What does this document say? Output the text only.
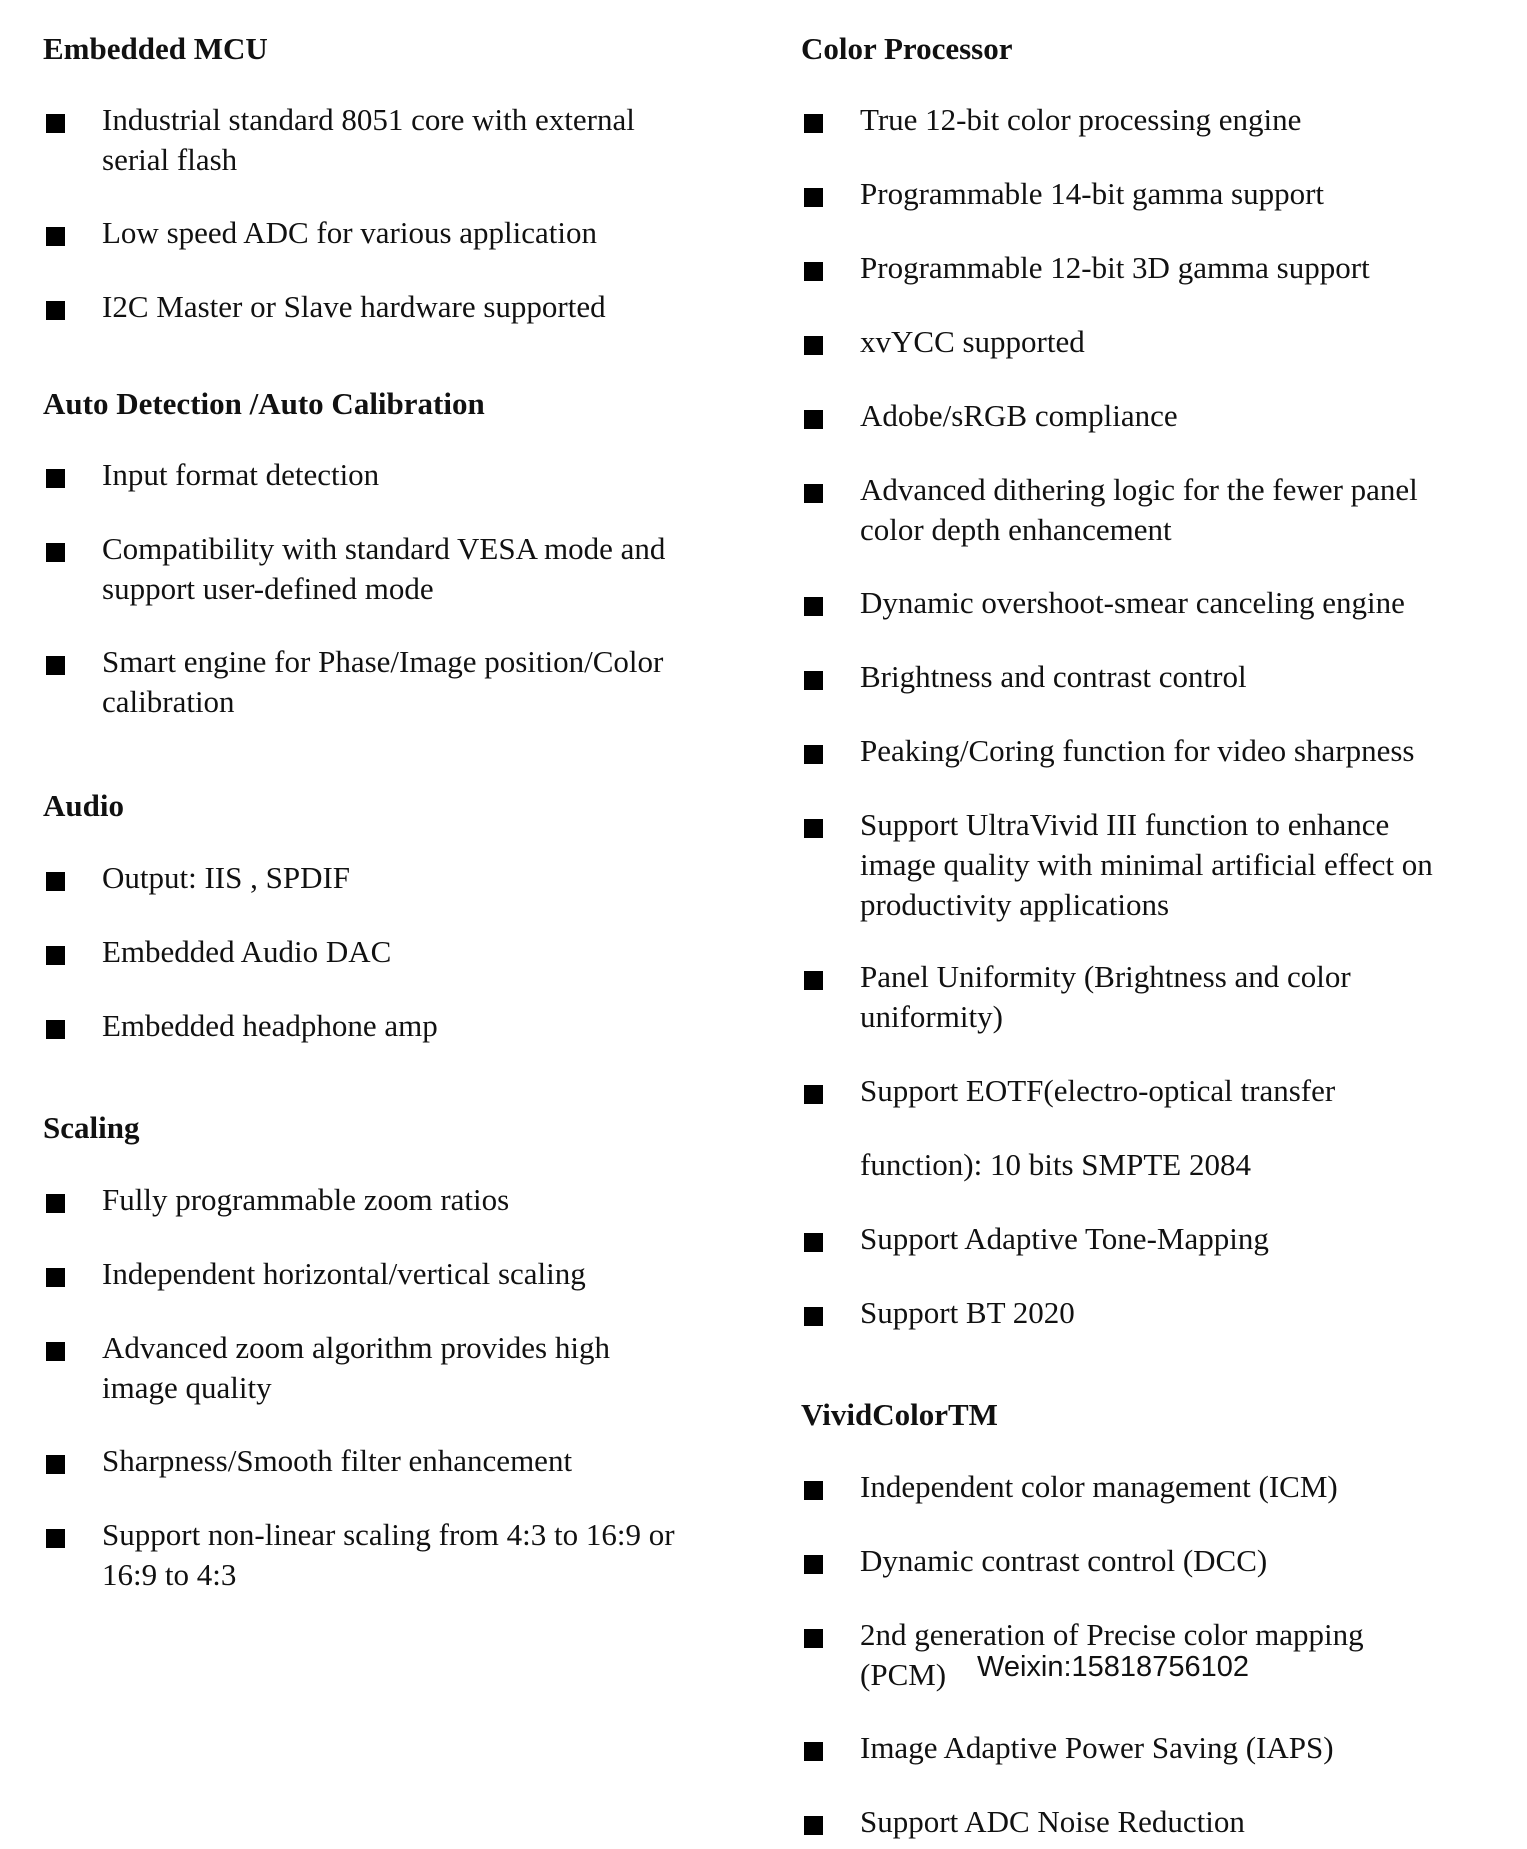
Embedded MCU
Industrial standard 8051 core with external
serial flash
Low speed ADC for various application
I2C Master or Slave hardware supported
Auto Detection /Auto Calibration
Input format detection
Compatibility with standard VESA mode and
support user-defined mode
Smart engine for Phase/Image position/Color
calibration
Audio
Output: IIS , SPDIF
Embedded Audio DAC
Embedded headphone amp
Scaling
Fully programmable zoom ratios
Independent horizontal/vertical scaling
Advanced zoom algorithm provides high
image quality
Sharpness/Smooth filter enhancement
Support non-linear scaling from 4:3 to 16:9 or
16:9 to 4:3
Color Processor
True 12-bit color processing engine
Programmable 14-bit gamma support
Programmable 12-bit 3D gamma support
xvYCC supported
Adobe/sRGB compliance
Advanced dithering logic for the fewer panel
color depth enhancement
Dynamic overshoot-smear canceling engine
Brightness and contrast control
Peaking/Coring function for video sharpness
Support UltraVivid III function to enhance
image quality with minimal artificial effect on
productivity applications
Panel Uniformity (Brightness and color
uniformity)
Support EOTF(electro-optical transfer
function): 10 bits SMPTE 2084
Support Adaptive Tone-Mapping
Support BT 2020
VividColorTM
Independent color management (ICM)
Dynamic contrast control (DCC)
2nd generation of Precise color mapping
(PCM)
Image Adaptive Power Saving (IAPS)
Support ADC Noise Reduction
Weixin:15818756102
